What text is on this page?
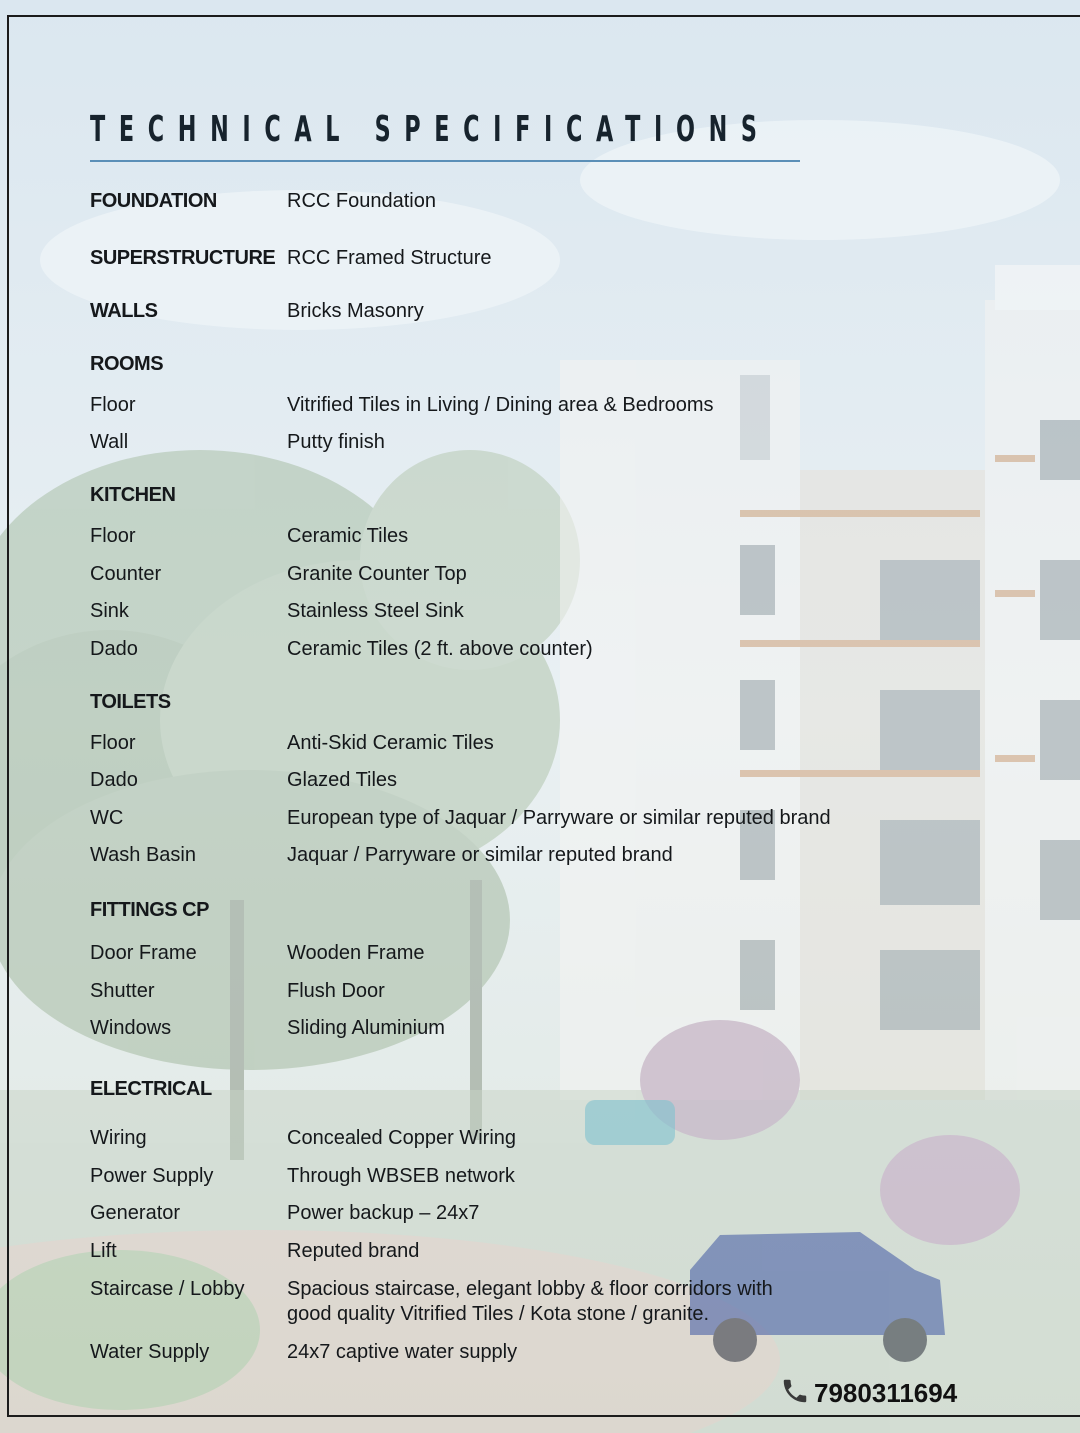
TECHNICAL SPECIFICATIONS
FOUNDATION	RCC Foundation
SUPERSTRUCTURE RCC Framed Structure
WALLS	Bricks Masonry
ROOMS
Floor	Vitrified Tiles in Living / Dining area & Bedrooms
Wall	Putty finish
KITCHEN
Floor	Ceramic Tiles
Counter	Granite Counter Top
Sink	Stainless Steel Sink
Dado	Ceramic Tiles (2 ft. above counter)
TOILETS
Floor	Anti-Skid Ceramic Tiles
Dado	Glazed Tiles
WC	European type of Jaquar / Parryware or similar reputed brand
Wash Basin	Jaquar / Parryware or similar reputed brand
FITTINGS CP
Door Frame	Wooden Frame
Shutter	Flush Door
Windows	Sliding Aluminium
ELECTRICAL
Wiring	Concealed Copper Wiring
Power Supply	Through WBSEB network
Generator	Power backup – 24x7
Lift	Reputed brand
Staircase / Lobby Spacious staircase, elegant lobby & floor corridors with
good quality Vitrified Tiles / Kota stone / granite.
Water Supply	24x7 captive water supply
7980311694
